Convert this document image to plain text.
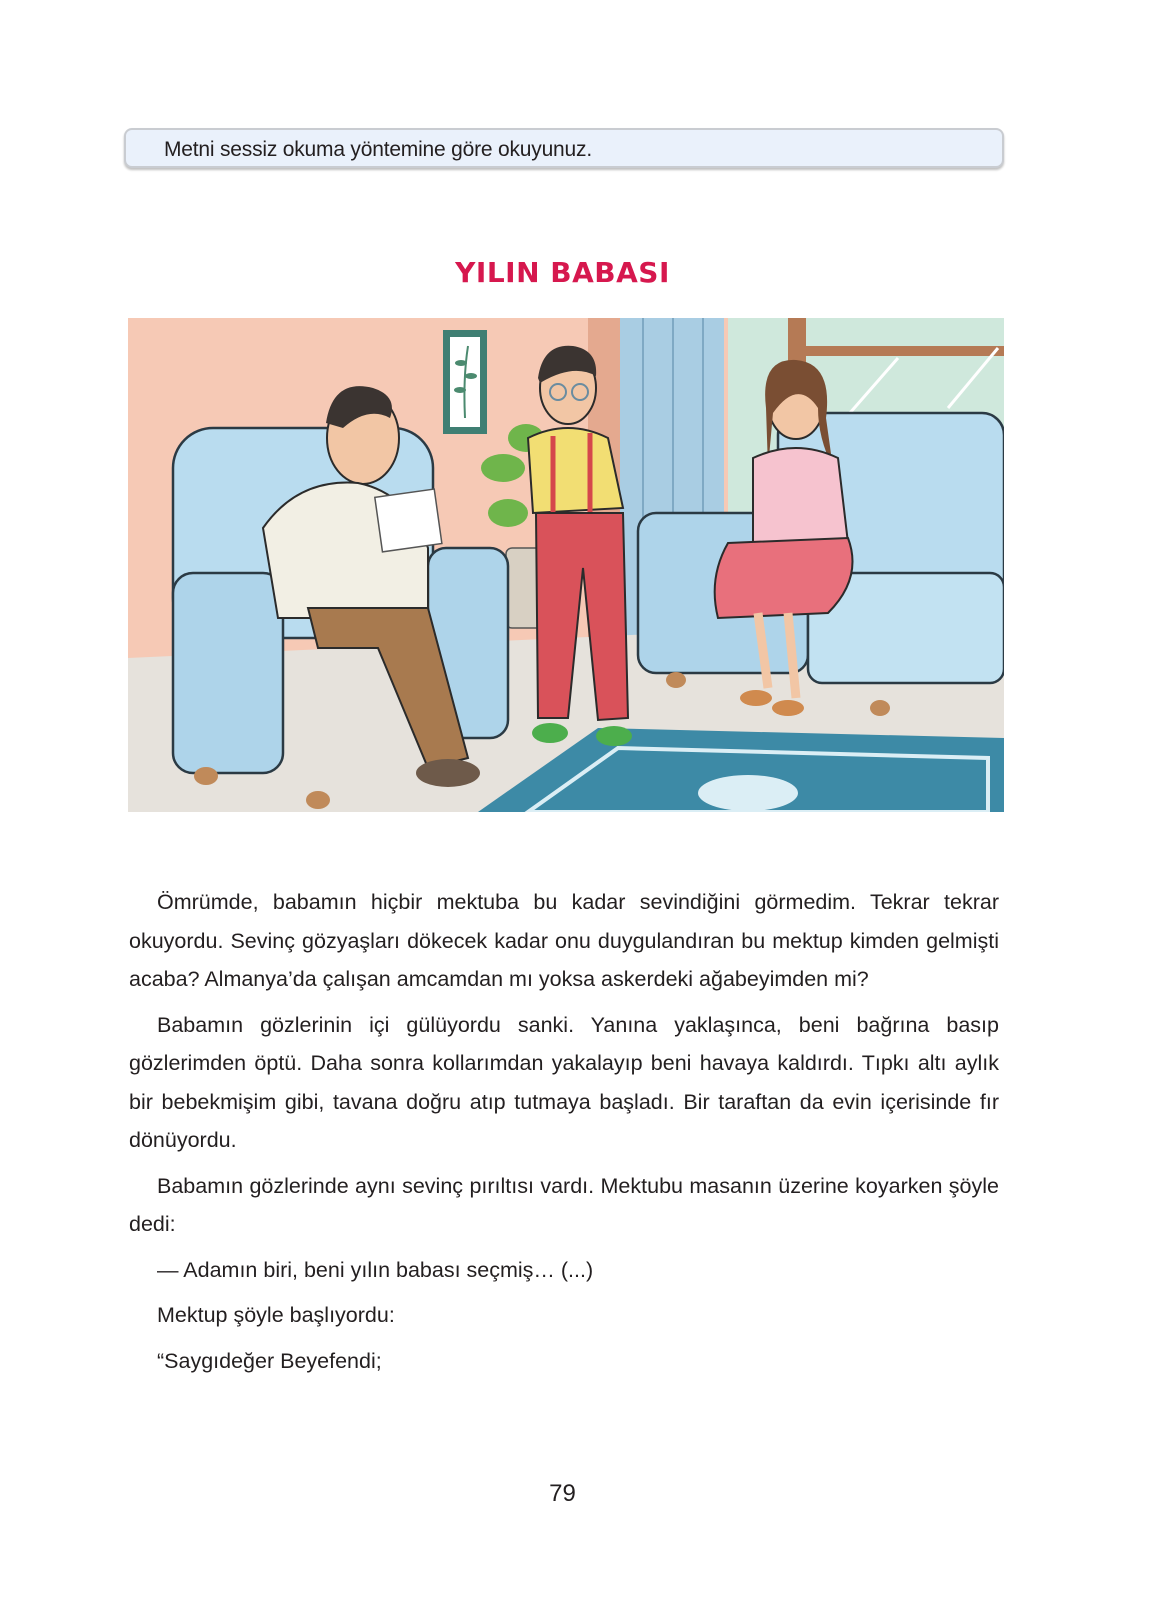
Metni sessiz okuma yöntemine göre okuyunuz.
YILIN BABASI

Ömrümde, babamın hiçbir mektuba bu kadar sevindiğini görmedim. Tekrar tekrar okuyordu. Sevinç gözyaşları dökecek kadar onu duygulandıran bu mektup kimden gelmişti acaba? Almanya’da çalışan amcamdan mı yoksa askerdeki ağabeyimden mi?

Babamın gözlerinin içi gülüyordu sanki. Yanına yaklaşınca, beni bağrına basıp gözlerimden öptü. Daha sonra kollarımdan yakalayıp beni havaya kaldırdı. Tıpkı altı aylık bir bebekmişim gibi, tavana doğru atıp tutmaya başladı. Bir taraftan da evin içerisinde fır dönüyordu.

Babamın gözlerinde aynı sevinç pırıltısı vardı. Mektubu masanın üzerine koyarken şöyle dedi:

— Adamın biri, beni yılın babası seçmiş… (...)

Mektup şöyle başlıyordu:

“Saygıdeğer Beyefendi;

79
